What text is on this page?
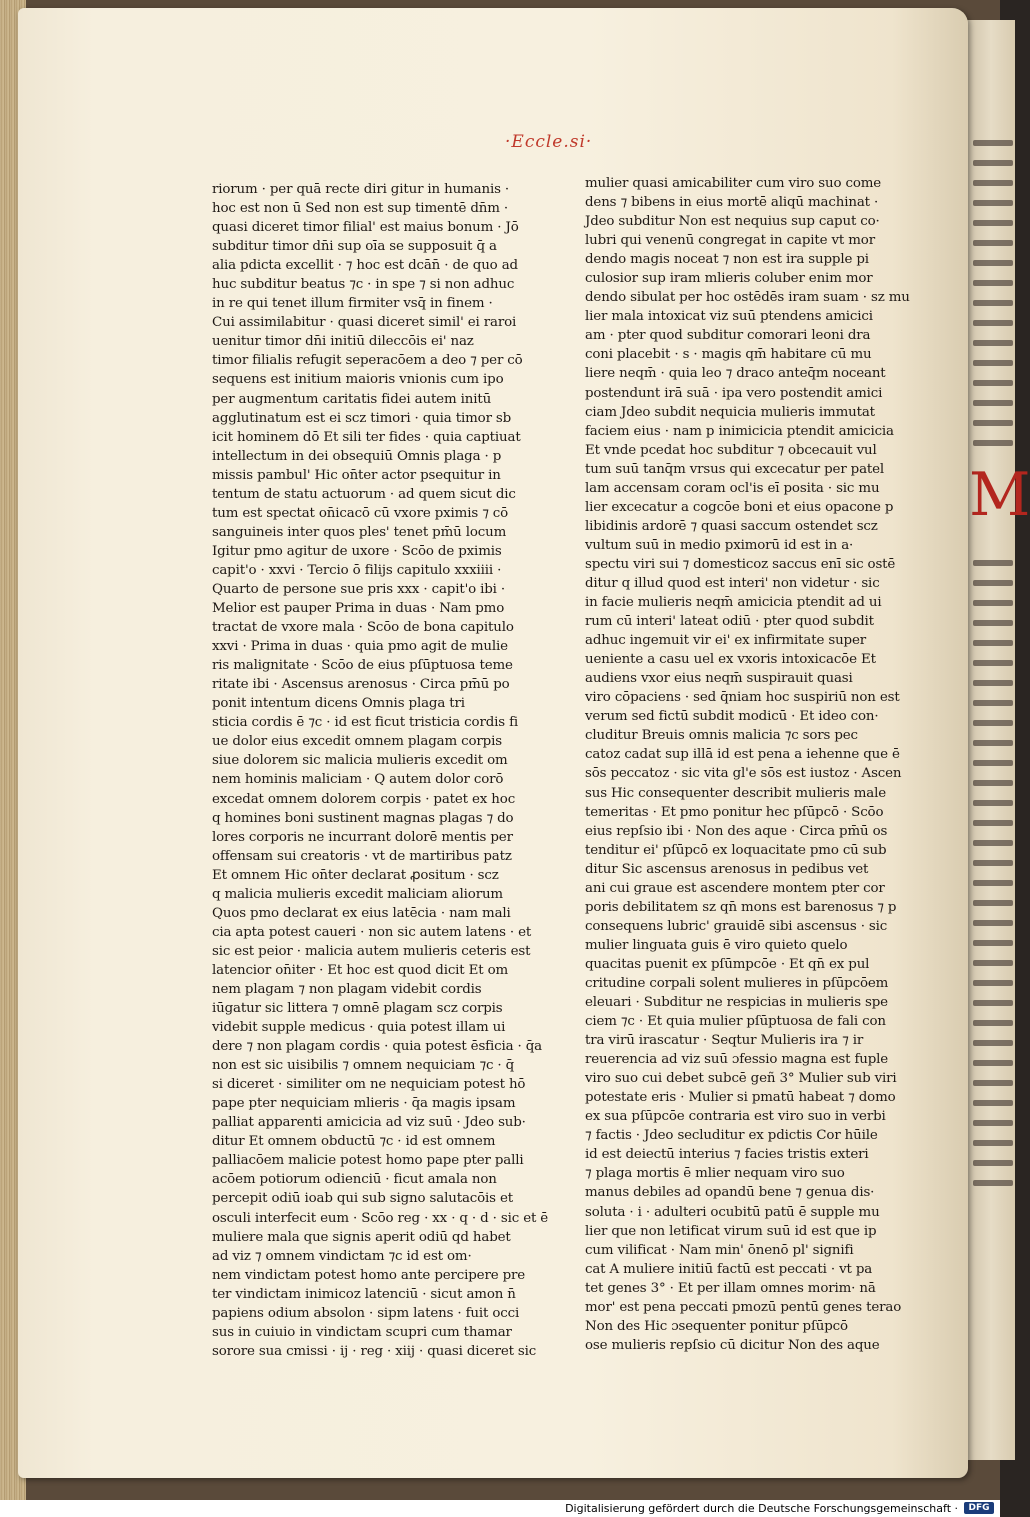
M
·Eccle.si·
riorum · per quā recte diri gitur in humanis ·
hoc est non ū Sed non est sup timentē dn̄m ·
quasi diceret timor filial' est maius bonum · Jō
subditur timor dn̄i sup oīa se supposuit q̄ a
alia pdicta excellit · ⁊ hoc est dcān̄ · de quo ad
huc subditur beatus ⁊c · in spe ⁊ si non adhuc
in re qui tenet illum firmiter vsq̄ in finem ·
Cui assimilabitur · quasi diceret simil' ei raroi
uenitur timor dn̄i initiū dileccōis ei' naz
timor filialis refugit seperacōem a deo ⁊ per cō
sequens est initium maioris vnionis cum ipo
per augmentum caritatis fidei autem initū
agglutinatum est ei scz timori · quia timor sb
icit hominem dō Et sili ter fides · quia captiuat
intellectum in dei obsequiū Omnis plaga · p
missis pambul' Hic on̄ter actor psequitur in
tentum de statu actuorum · ad quem sicut dic
tum est spectat on̄icacō cū vxore pximis ⁊ cō
sanguineis inter quos ples' tenet pm̄ū locum
Igitur pmo agitur de uxore · Scōo de pximis
capit'o · xxvi · Tercio ō filijs capitulo xxxiiii ·
Quarto de persone sue pris xxx · capit'o ibi ·
Melior est pauper Prima in duas · Nam pmo
tractat de vxore mala · Scōo de bona capitulo
xxvi · Prima in duas · quia pmo agit de mulie
ris malignitate · Scōo de eius pſūptuosa teme
ritate ibi · Ascensus arenosus · Circa pm̄ū po
ponit intentum dicens Omnis plaga tri
sticia cordis ē ⁊c · id est ficut tristicia cordis fi
ue dolor eius excedit omnem plagam corpis
siue dolorem sic malicia mulieris excedit om
nem hominis maliciam · Q autem dolor corō
excedat omnem dolorem corpis · patet ex hoc
q homines boni sustinent magnas plagas ⁊ do
lores corporis ne incurrant dolorē mentis per
offensam sui creatoris · vt de martiribus patz
Et omnem Hic on̄ter declarat ꝓositum · scz
q malicia mulieris excedit maliciam aliorum
Quos pmo declarat ex eius latēcia · nam mali
cia apta potest caueri · non sic autem latens · et
sic est peior · malicia autem mulieris ceteris est
latencior on̄iter · Et hoc est quod dicit Et om
nem plagam ⁊ non plagam videbit cordis
iūgatur sic littera ⁊ omnē plagam scz corpis
videbit supple medicus · quia potest illam ui
dere ⁊ non plagam cordis · quia potest ēsficia · q̄a
non est sic uisibilis ⁊ omnem nequiciam ⁊c · q̄
si diceret · similiter om ne nequiciam potest hō
pape pter nequiciam mlieris · q̄a magis ipsam
palliat apparenti amicicia ad viz suū · Jdeo sub·
ditur Et omnem obductū ⁊c · id est omnem
palliacōem malicie potest homo pape pter palli
acōem potiorum odienciū · ficut amala non
percepit odiū ioab qui sub signo salutacōis et
osculi interfecit eum · Scōo reg · xx · q · d · sic et ē
muliere mala que signis aperit odiū qd habet
ad viz ⁊ omnem vindictam ⁊c id est om·
nem vindictam potest homo ante percipere pre
ter vindictam inimicoz latenciū · sicut amon n̄
papiens odium absolon · sipm latens · fuit occi
sus in cuiuio in vindictam scupri cum thamar
sorore sua cmissi · ij · reg · xiij · quasi diceret sic
mulier quasi amicabiliter cum viro suo come
dens ⁊ bibens in eius mortē aliqū machinat ·
Jdeo subditur Non est nequius sup caput co·
lubri qui venenū congregat in capite vt mor
dendo magis noceat ⁊ non est ira supple pi
culosior sup iram mlieris coluber enim mor
dendo sibulat per hoc ostēdēs iram suam · sz mu
lier mala intoxicat viz suū ptendens amicici
am · pter quod subditur comorari leoni dra
coni placebit · s · magis qm̄ habitare cū mu
liere neqm̄ · quia leo ⁊ draco anteq̄m noceant
postendunt irā suā · ipa vero postendit amici
ciam Jdeo subdit nequicia mulieris immutat
faciem eius · nam p inimicicia ptendit amicicia
Et vnde pcedat hoc subditur ⁊ obcecauit vul
tum suū tanq̄m vrsus qui excecatur per patel
lam accensam coram ocl'is eī posita · sic mu
lier excecatur a cogcōe boni et eius opacone p
libidinis ardorē ⁊ quasi saccum ostendet scz
vultum suū in medio pximorū id est in a·
spectu viri sui ⁊ domesticoz saccus enī sic ostē
ditur q illud quod est interi' non videtur · sic
in facie mulieris neqm̄ amicicia ptendit ad ui
rum cū interi' lateat odiū · pter quod subdit
adhuc ingemuit vir ei' ex infirmitate super
ueniente a casu uel ex vxoris intoxicacōe Et
audiens vxor eius neqm̄ suspirauit quasi
viro cōpaciens · sed q̄niam hoc suspiriū non est
verum sed fictū subdit modicū · Et ideo con·
cluditur Breuis omnis malicia ⁊c sors pec
catoz cadat sup illā id est pena a iehenne que ē
sōs peccatoz · sic vita gl'e sōs est iustoz · Ascen
sus Hic consequenter describit mulieris male
temeritas · Et pmo ponitur hec pſūpcō · Scōo
eius repſsio ibi · Non des aque · Circa pm̄ū os
tenditur ei' pſūpcō ex loquacitate pmo cū sub
ditur Sic ascensus arenosus in pedibus vet
ani cui graue est ascendere montem pter cor
poris debilitatem sz qn̄ mons est barenosus ⁊ p
consequens lubric' grauidē sibi ascensus · sic
mulier linguata guis ē viro quieto quelo
quacitas puenit ex pſūmpcōe · Et qn̄ ex pul
critudine corpali solent mulieres in pſūpcōem
eleuari · Subditur ne respicias in mulieris spe
ciem ⁊c · Et quia mulier pſūptuosa de fali con
tra virū irascatur · Seqtur Mulieris ira ⁊ ir
reuerencia ad viz suū ɔfessio magna est fuple
viro suo cui debet subcē geñ 3° Mulier sub viri
potestate eris · Mulier si pmatū habeat ⁊ domo
ex sua pſūpcōe contraria est viro suo in verbi
⁊ factis · Jdeo secluditur ex pdictis Cor hūile
id est deiectū interius ⁊ facies tristis exteri
⁊ plaga mortis ē mlier nequam viro suo
manus debiles ad opandū bene ⁊ genua dis·
soluta · i · adulteri ocubitū patū ē supple mu
lier que non letificat virum suū id est que ip
cum vilificat · Nam min' ōnenō pl' signifi
cat A muliere initiū factū est peccati · vt pa
tet genes 3° · Et per illam omnes morim· nā
mor' est pena peccati pmozū pentū genes terao
Non des Hic ɔsequenter ponitur pſūpcō
ose mulieris repſsio cū dicitur Non des aque
Digitalisierung gefördert durch die Deutsche Forschungsgemeinschaft ·	DFG
